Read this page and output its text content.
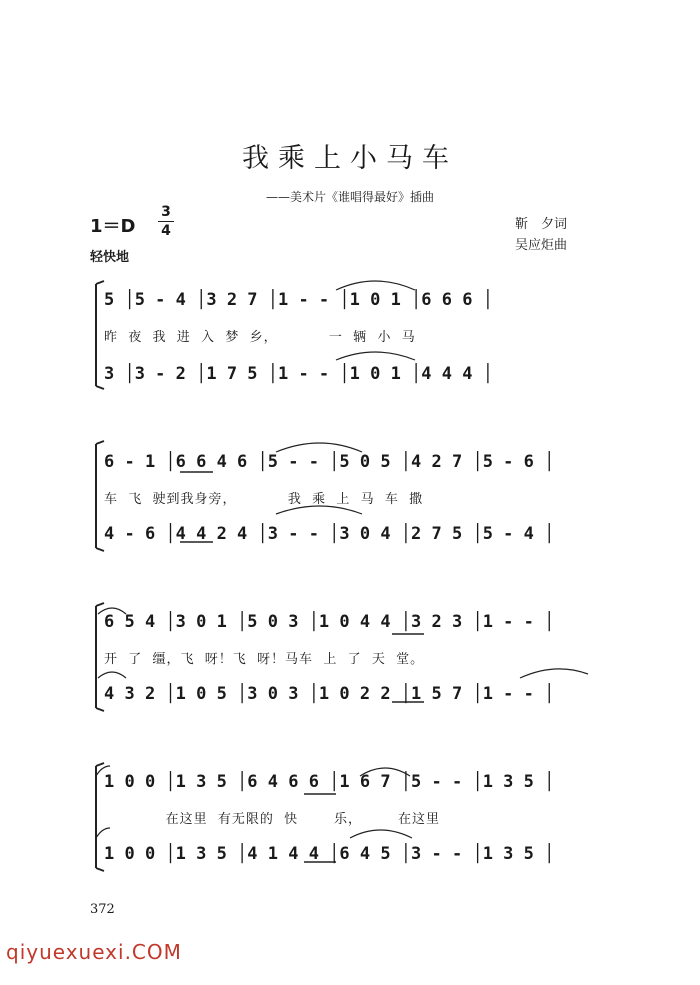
我乘上小马车
——美术片《谁唱得最好》插曲
1＝D
3
4
轻快地
靳　夕词
吴应炬曲
5 │5 - 4 │3 2 7 │1 - - │1 0 1 │6 6 6 │
昨  夜  我  进  入  梦  乡，          一  辆  小  马
3 │3 - 2 │1 7 5 │1 - - │1 0 1 │4 4 4 │
6 - 1 │6 6 4 6 │5 - - │5 0 5 │4 2 7 │5 - 6 │
车  飞  驶到我身旁，          我  乘  上  马  车  撒
4 - 6 │4 4 2 4 │3 - - │3 0 4 │2 7 5 │5 - 4 │
6 5 4 │3 0 1 │5 0 3 │1 0 4 4 │3 2 3 │1 - - │
开  了  缰，飞  呀！飞  呀！马车  上  了  天  堂。
4 3 2 │1 0 5 │3 0 3 │1 0 2 2 │1 5 7 │1 - - │
1 0 0 │1 3 5 │6 4 6 6 │1 6 7 │5 - - │1 3 5 │
在这里  有无限的  快       乐，       在这里
1 0 0 │1 3 5 │4 1 4 4 │6 4 5 │3 - - │1 3 5 │
372
qiyuexuexi.COM
